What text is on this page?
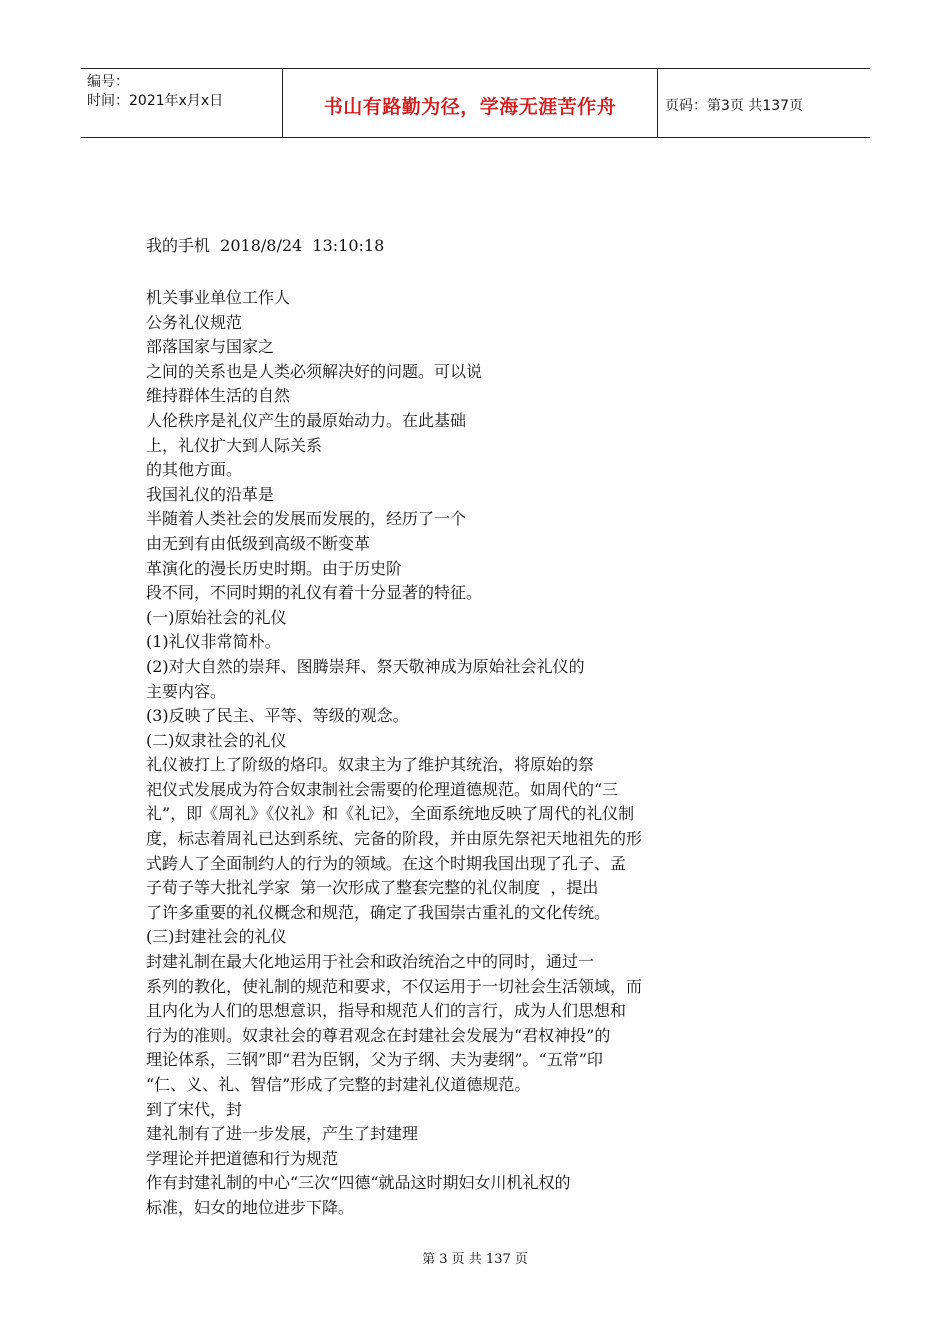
编号：
时间：2021年x月x日	书山有路勤为径，学海无涯苦作舟	页码：第3页 共137页
我的手机  2018/8/24  13:10:18
机关事业单位工作人
公务礼仪规范
部落国家与国家之
之间的关系也是人类必须解决好的问题。可以说
维持群体生活的自然
人伦秩序是礼仪产生的最原始动力。在此基础
上，礼仪扩大到人际关系
的其他方面。
我国礼仪的沿革是
半随着人类社会的发展而发展的，经历了一个
由无到有由低级到高级不断变革
革演化的漫长历史时期。由于历史阶
段不同，不同时期的礼仪有着十分显著的特征。
(一)原始社会的礼仪
(1)礼仪非常简朴。
(2)对大自然的崇拜、图腾崇拜、祭天敬神成为原始社会礼仪的
主要内容。
(3)反映了民主、平等、等级的观念。
(二)奴隶社会的礼仪
礼仪被打上了阶级的烙印。奴隶主为了维护其统治，将原始的祭
祀仪式发展成为符合奴隶制社会需要的伦理道德规范。如周代的“三
礼”，即《周礼》《仪礼》和《礼记》，全面系统地反映了周代的礼仪制
度，标志着周礼已达到系统、完备的阶段，并由原先祭祀天地祖先的形
式跨人了全面制约人的行为的领域。在这个时期我国出现了孔子、孟
子荀子等大批礼学家  第一次形成了整套完整的礼仪制度  ，提出
了许多重要的礼仪概念和规范，确定了我国崇古重礼的文化传统。
(三)封建社会的礼仪
封建礼制在最大化地运用于社会和政治统治之中的同时，通过一
系列的教化，使礼制的规范和要求，不仅运用于一切社会生活领域，而
且内化为人们的思想意识，指导和规范人们的言行，成为人们思想和
行为的准则。奴隶社会的尊君观念在封建社会发展为“君权神投”的
理论体系，三钢”即“君为臣钢，父为子纲、夫为妻纲”。“五常”印
“仁、义、礼、智信”形成了完整的封建礼仪道德规范。
到了宋代，封
建礼制有了进一步发展，产生了封建理
学理论并把道德和行为规范
作有封建礼制的中心“三次“四德“就品这时期妇女川机礼权的
标准，妇女的地位进步下降。
第 3 页 共 137 页
